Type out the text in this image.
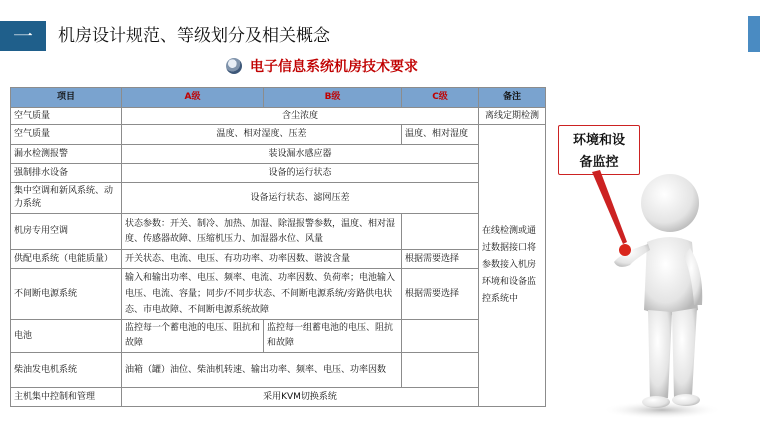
一	机房设计规范、等级划分及相关概念
电子信息系统机房技术要求
项目	A级	B级	C级	备注
空气质量	含尘浓度			离线定期检测
空气质量	温度、相对湿度、压差		温度、相对湿度	在线检测或通过数据接口将参数接入机房环境和设备监控系统中

漏水检测报警	装设漏水感应器			
强制排水设备	设备的运行状态			
集中空调和新风系统、动力系统	设备运行状态、滤网压差			
机房专用空调	状态参数：开关、制冷、加热、加湿、除湿报警参数，温度、相对湿度、传感器故障、压缩机压力、加湿器水位、风量			
供配电系统（电能质量）	开关状态、电流、电压、有功功率、功率因数、谐波含量		根据需要选择	
不间断电源系统	输入和输出功率、电压、频率、电流、功率因数、负荷率；电池输入电压、电流、容量；同步/不同步状态、不间断电源系统/旁路供电状态、市电故障、不间断电源系统故障		根据需要选择	
电池	监控每一个蓄电池的电压、阻抗和故障	监控每一组蓄电池的电压、阻抗和故障		
柴油发电机系统	油箱（罐）油位、柴油机转速、输出功率、频率、电压、功率因数			
主机集中控制和管理	采用KVM切换系统			
环境和设
备监控
